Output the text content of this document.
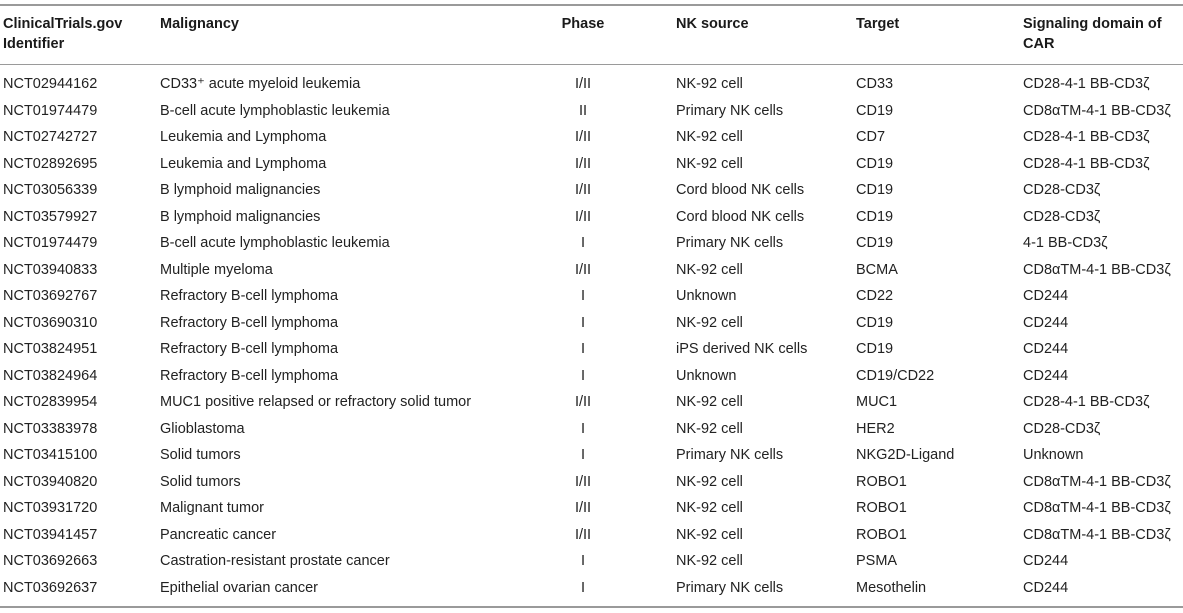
ClinicalTrials.gov Identifier	Malignancy	Phase	NK source	Target	Signaling domain of CAR
NCT02944162	CD33⁺ acute myeloid leukemia	I/II	NK-92 cell	CD33	CD28-4-1 BB-CD3ζ
NCT01974479	B-cell acute lymphoblastic leukemia	II	Primary NK cells	CD19	CD8αTM-4-1 BB-CD3ζ
NCT02742727	Leukemia and Lymphoma	I/II	NK-92 cell	CD7	CD28-4-1 BB-CD3ζ
NCT02892695	Leukemia and Lymphoma	I/II	NK-92 cell	CD19	CD28-4-1 BB-CD3ζ
NCT03056339	B lymphoid malignancies	I/II	Cord blood NK cells	CD19	CD28-CD3ζ
NCT03579927	B lymphoid malignancies	I/II	Cord blood NK cells	CD19	CD28-CD3ζ
NCT01974479	B-cell acute lymphoblastic leukemia	I	Primary NK cells	CD19	4-1 BB-CD3ζ
NCT03940833	Multiple myeloma	I/II	NK-92 cell	BCMA	CD8αTM-4-1 BB-CD3ζ
NCT03692767	Refractory B-cell lymphoma	I	Unknown	CD22	CD244
NCT03690310	Refractory B-cell lymphoma	I	NK-92 cell	CD19	CD244
NCT03824951	Refractory B-cell lymphoma	I	iPS derived NK cells	CD19	CD244
NCT03824964	Refractory B-cell lymphoma	I	Unknown	CD19/CD22	CD244
NCT02839954	MUC1 positive relapsed or refractory solid tumor	I/II	NK-92 cell	MUC1	CD28-4-1 BB-CD3ζ
NCT03383978	Glioblastoma	I	NK-92 cell	HER2	CD28-CD3ζ
NCT03415100	Solid tumors	I	Primary NK cells	NKG2D-Ligand	Unknown
NCT03940820	Solid tumors	I/II	NK-92 cell	ROBO1	CD8αTM-4-1 BB-CD3ζ
NCT03931720	Malignant tumor	I/II	NK-92 cell	ROBO1	CD8αTM-4-1 BB-CD3ζ
NCT03941457	Pancreatic cancer	I/II	NK-92 cell	ROBO1	CD8αTM-4-1 BB-CD3ζ
NCT03692663	Castration-resistant prostate cancer	I	NK-92 cell	PSMA	CD244
NCT03692637	Epithelial ovarian cancer	I	Primary NK cells	Mesothelin	CD244
